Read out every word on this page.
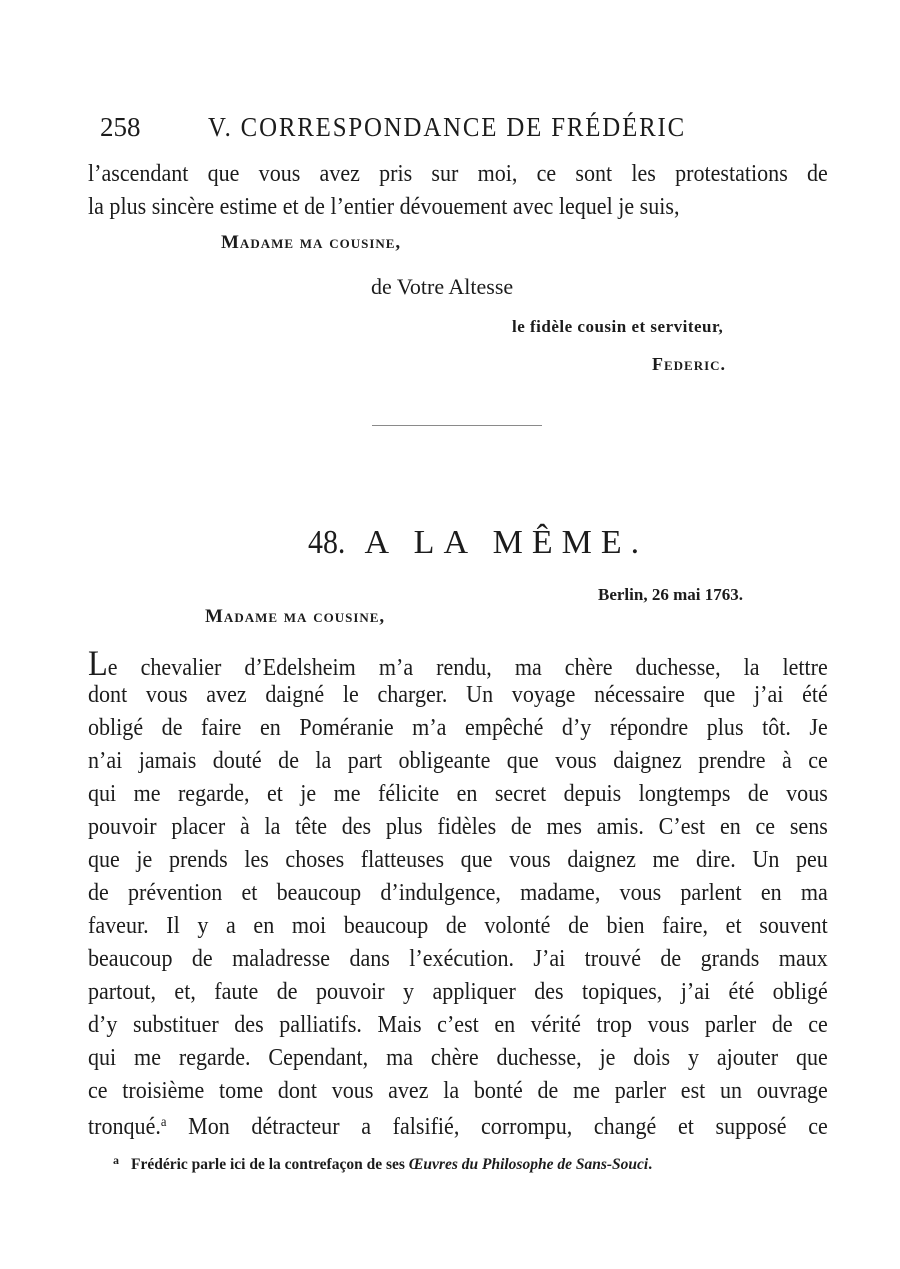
258	V. CORRESPONDANCE DE FRÉDÉRIC
l’ascendant que vous avez pris sur moi, ce sont les protestations de
la plus sincère estime et de l’entier dévouement avec lequel je suis,
Madame ma cousine,
de Votre Altesse
le fidèle cousin et serviteur,
Federic.
48. A LA MÊME.
Berlin, 26 mai 1763.
Madame ma cousine,
Le chevalier d’Edelsheim m’a rendu, ma chère duchesse, la lettre
dont vous avez daigné le charger. Un voyage nécessaire que j’ai été
obligé de faire en Poméranie m’a empêché d’y répondre plus tôt. Je
n’ai jamais douté de la part obligeante que vous daignez prendre à ce
qui me regarde, et je me félicite en secret depuis longtemps de vous
pouvoir placer à la tête des plus fidèles de mes amis. C’est en ce sens
que je prends les choses flatteuses que vous daignez me dire. Un peu
de prévention et beaucoup d’indulgence, madame, vous parlent en ma
faveur. Il y a en moi beaucoup de volonté de bien faire, et souvent
beaucoup de maladresse dans l’exécution. J’ai trouvé de grands maux
partout, et, faute de pouvoir y appliquer des topiques, j’ai été obligé
d’y substituer des palliatifs. Mais c’est en vérité trop vous parler de ce
qui me regarde. Cependant, ma chère duchesse, je dois y ajouter que
ce troisième tome dont vous avez la bonté de me parler est un ouvrage
tronqué.$^a$ Mon détracteur a falsifié, corrompu, changé et supposé ce
$^a$ Frédéric parle ici de la contrefaçon de ses Œuvres du Philosophe de Sans-Souci.
